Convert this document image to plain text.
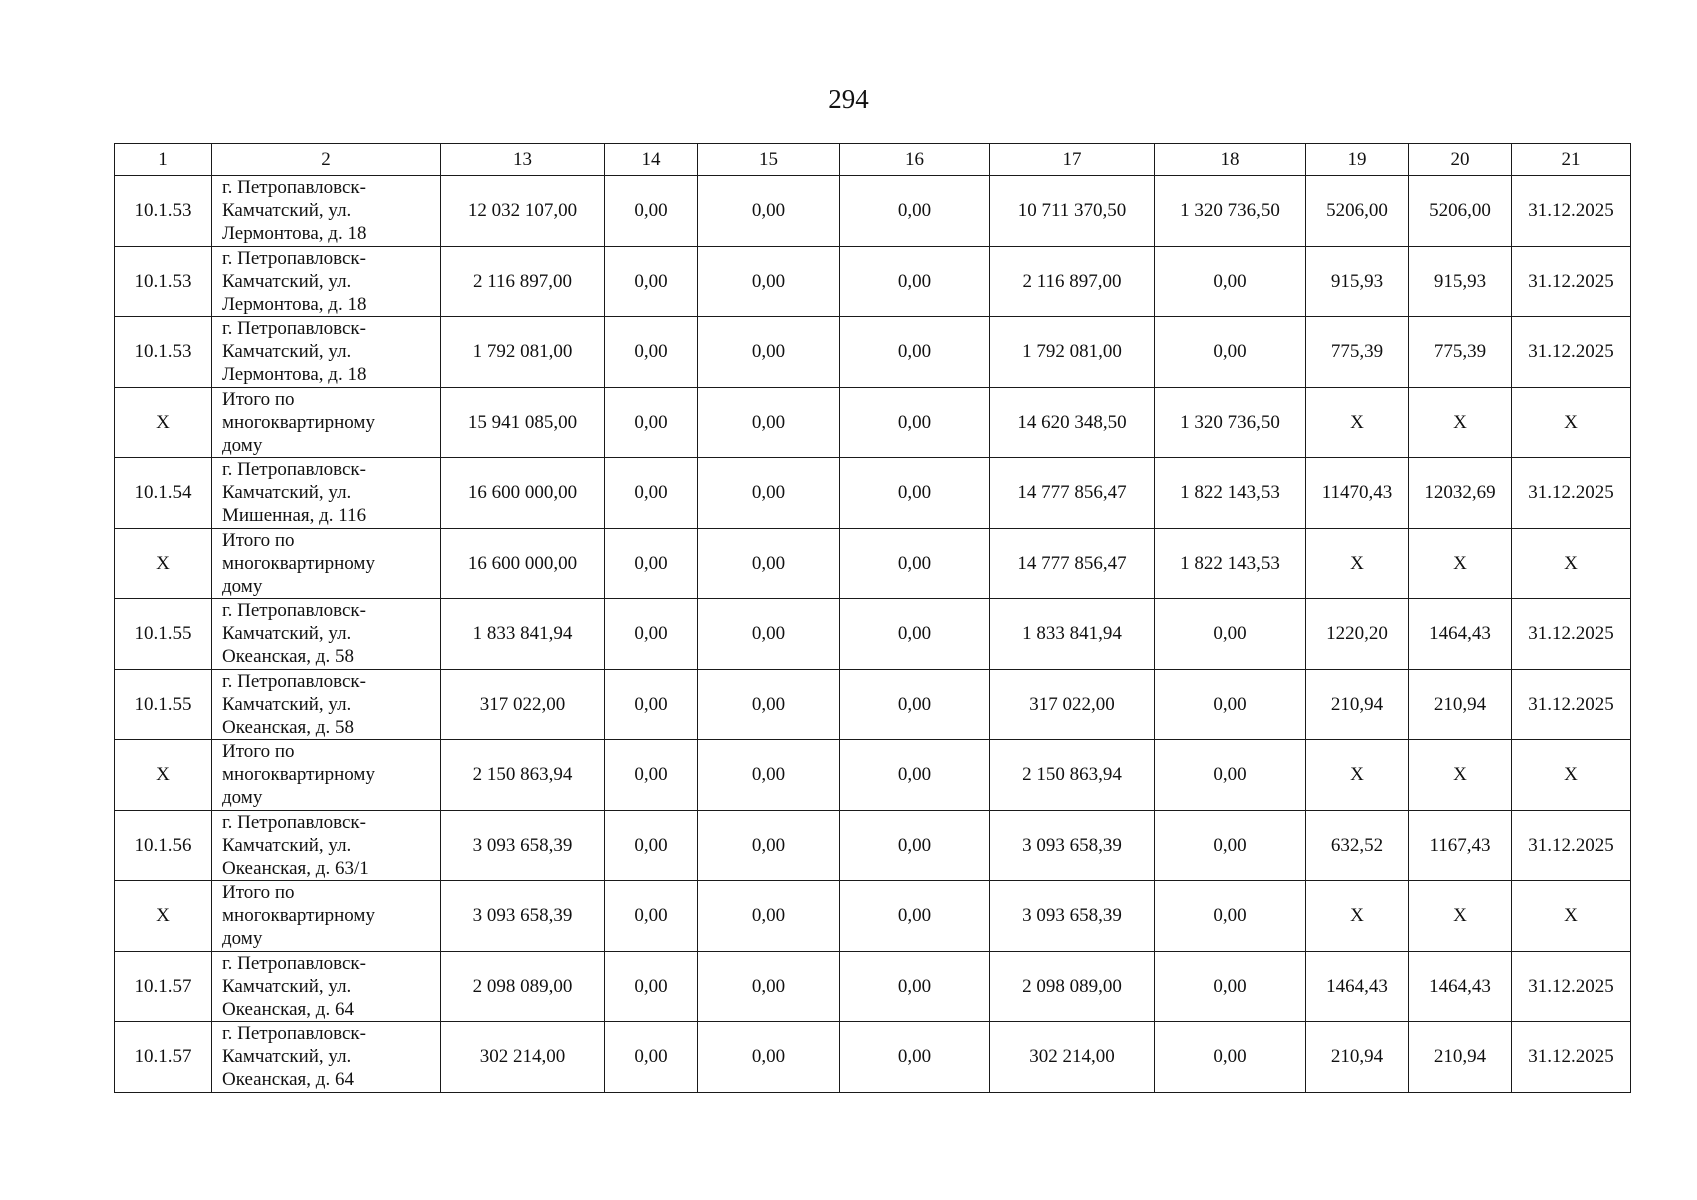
294
1	2	13	14	15	16	17	18	19	20	21
10.1.53	г. Петропавловск-
Камчатский, ул.
Лермонтова, д. 18	12 032 107,00	0,00	0,00	0,00	10 711 370,50	1 320 736,50	5206,00	5206,00	31.12.2025
10.1.53	г. Петропавловск-
Камчатский, ул.
Лермонтова, д. 18	2 116 897,00	0,00	0,00	0,00	2 116 897,00	0,00	915,93	915,93	31.12.2025
10.1.53	г. Петропавловск-
Камчатский, ул.
Лермонтова, д. 18	1 792 081,00	0,00	0,00	0,00	1 792 081,00	0,00	775,39	775,39	31.12.2025
X	Итого по
многоквартирному
дому	15 941 085,00	0,00	0,00	0,00	14 620 348,50	1 320 736,50	X	X	X
10.1.54	г. Петропавловск-
Камчатский, ул.
Мишенная, д. 116	16 600 000,00	0,00	0,00	0,00	14 777 856,47	1 822 143,53	11470,43	12032,69	31.12.2025
X	Итого по
многоквартирному
дому	16 600 000,00	0,00	0,00	0,00	14 777 856,47	1 822 143,53	X	X	X
10.1.55	г. Петропавловск-
Камчатский, ул.
Океанская, д. 58	1 833 841,94	0,00	0,00	0,00	1 833 841,94	0,00	1220,20	1464,43	31.12.2025
10.1.55	г. Петропавловск-
Камчатский, ул.
Океанская, д. 58	317 022,00	0,00	0,00	0,00	317 022,00	0,00	210,94	210,94	31.12.2025
X	Итого по
многоквартирному
дому	2 150 863,94	0,00	0,00	0,00	2 150 863,94	0,00	X	X	X
10.1.56	г. Петропавловск-
Камчатский, ул.
Океанская, д. 63/1	3 093 658,39	0,00	0,00	0,00	3 093 658,39	0,00	632,52	1167,43	31.12.2025
X	Итого по
многоквартирному
дому	3 093 658,39	0,00	0,00	0,00	3 093 658,39	0,00	X	X	X
10.1.57	г. Петропавловск-
Камчатский, ул.
Океанская, д. 64	2 098 089,00	0,00	0,00	0,00	2 098 089,00	0,00	1464,43	1464,43	31.12.2025
10.1.57	г. Петропавловск-
Камчатский, ул.
Океанская, д. 64	302 214,00	0,00	0,00	0,00	302 214,00	0,00	210,94	210,94	31.12.2025
